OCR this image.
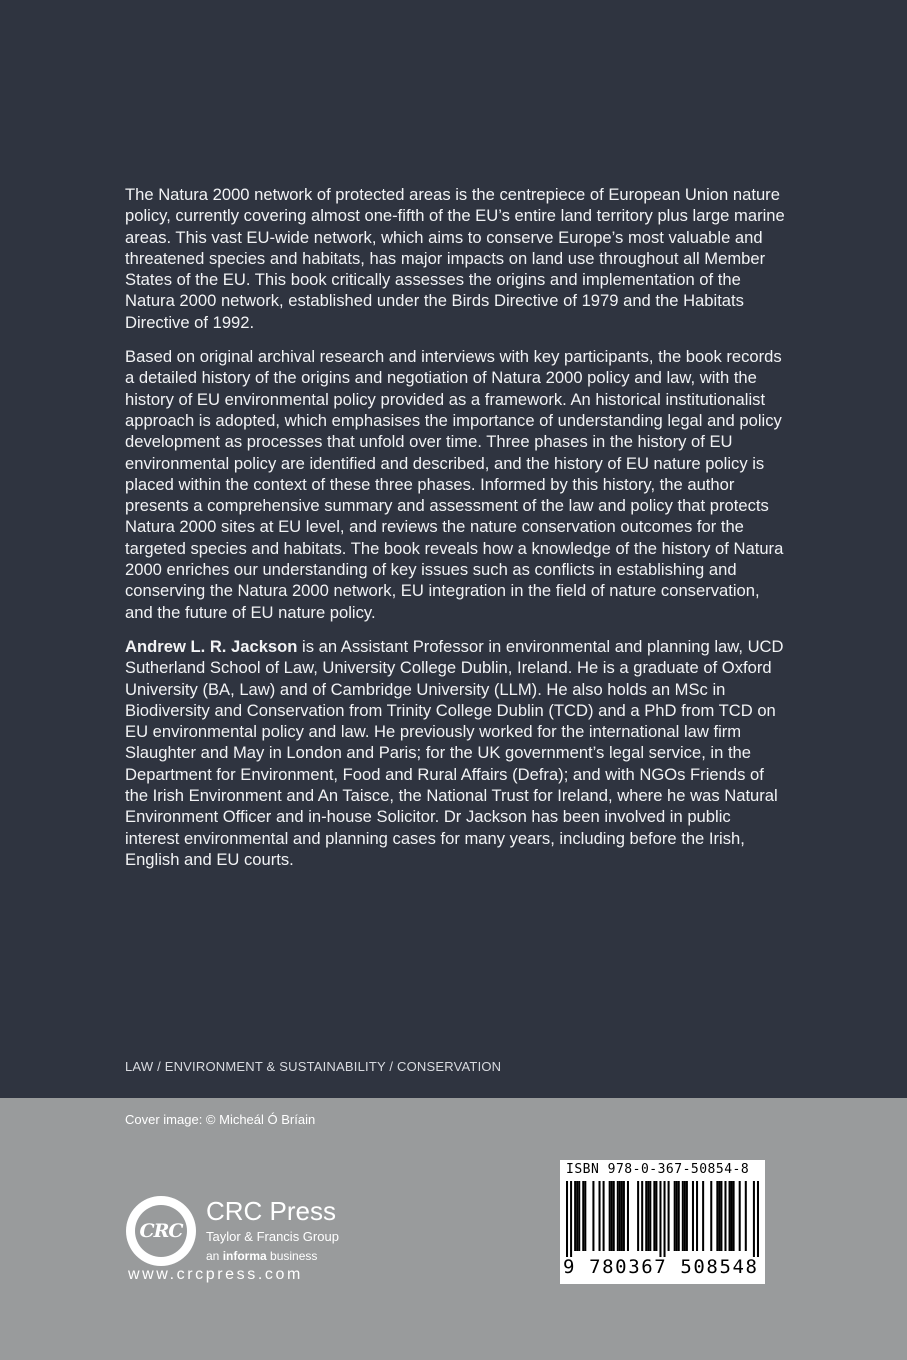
The Natura 2000 network of protected areas is the centrepiece of European Union nature policy, currently covering almost one-fifth of the EU’s entire land territory plus large marine areas. This vast EU-wide network, which aims to conserve Europe’s most valuable and threatened species and habitats, has major impacts on land use throughout all Member States of the EU. This book critically assesses the origins and implementation of the Natura 2000 network, established under the Birds Directive of 1979 and the Habitats Directive of 1992.

Based on original archival research and interviews with key participants, the book records a detailed history of the origins and negotiation of Natura 2000 policy and law, with the history of EU environmental policy provided as a framework. An historical institutionalist approach is adopted, which emphasises the importance of understanding legal and policy development as processes that unfold over time. Three phases in the history of EU environmental policy are identified and described, and the history of EU nature policy is placed within the context of these three phases. Informed by this history, the author presents a comprehensive summary and assessment of the law and policy that protects Natura 2000 sites at EU level, and reviews the nature conservation outcomes for the targeted species and habitats. The book reveals how a knowledge of the history of Natura 2000 enriches our understanding of key issues such as conflicts in establishing and conserving the Natura 2000 network, EU integration in the field of nature conservation, and the future of EU nature policy.

Andrew L. R. Jackson is an Assistant Professor in environmental and planning law, UCD Sutherland School of Law, University College Dublin, Ireland. He is a graduate of Oxford University (BA, Law) and of Cambridge University (LLM). He also holds an MSc in Biodiversity and Conservation from Trinity College Dublin (TCD) and a PhD from TCD on EU environmental policy and law. He previously worked for the international law firm Slaughter and May in London and Paris; for the UK government’s legal service, in the Department for Environment, Food and Rural Affairs (Defra); and with NGOs Friends of the Irish Environment and An Taisce, the National Trust for Ireland, where he was Natural Environment Officer and in-house Solicitor. Dr Jackson has been involved in public interest environmental and planning cases for many years, including before the Irish, English and EU courts.

LAW / ENVIRONMENT & SUSTAINABILITY / CONSERVATION
Cover image: © Micheál Ó Bríain
CRC
CRC Press
Taylor & Francis Group
an informa business
www.crcpress.com
ISBN 978-0-367-50854-8
9 780367 508548
